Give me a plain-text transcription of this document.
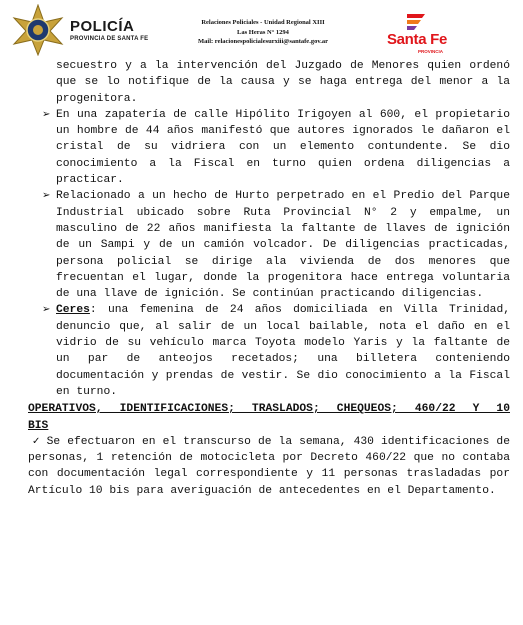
POLICÍA
PROVINCIA DE SANTA FE
Relaciones Policiales - Unidad Regional XIII
Las Heras N° 1294
Mail: relacionespolicialesurxiii@santafe.gov.ar	Santa Fe
PROVINCIA
secuestro y a la intervención del Juzgado de Menores quien ordenó que se lo notifique de la causa y se haga entrega del menor a la progenitora.
➢ En una zapatería de calle Hipólito Irigoyen al 600, el propietario un hombre de 44 años manifestó que autores ignorados le dañaron el cristal de su vidriera con un elemento contundente. Se dio conocimiento a la Fiscal en turno quien ordena diligencias a practicar.
➢ Relacionado a un hecho de Hurto perpetrado en el Predio del Parque Industrial ubicado sobre Ruta Provincial N° 2 y empalme, un masculino de 22 años manifiesta la faltante de llaves de ignición de un Sampi y de un camión volcador. De diligencias practicadas, persona policial se dirige ala vivienda de dos menores que frecuentan el lugar, donde la progenitora hace entrega voluntaria de una llave de ignición. Se continúan practicando diligencias.
➢ Ceres: una femenina de 24 años domiciliada en Villa Trinidad, denuncio que, al salir de un local bailable, nota el daño en el vidrio de su vehículo marca Toyota modelo Yaris y la faltante de un par de anteojos recetados; una billetera conteniendo documentación y prendas de vestir. Se dio conocimiento a la Fiscal en turno.
OPERATIVOS, IDENTIFICACIONES; TRASLADOS; CHEQUEOS; 460/22 Y 10
BIS
✓ Se efectuaron en el transcurso de la semana, 430 identificaciones de personas, 1 retención de motocicleta por Decreto 460/22 que no contaba con documentación legal correspondiente y 11 personas trasladadas por Artículo 10 bis para averiguación de antecedentes en el Departamento.
